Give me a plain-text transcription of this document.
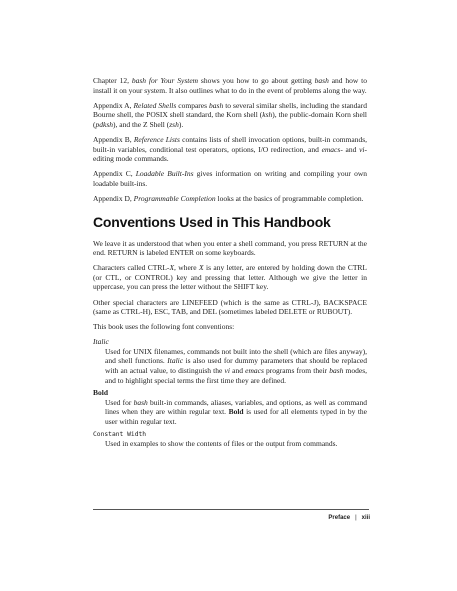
Chapter 12, bash for Your System shows you how to go about getting bash and how to install it on your system. It also outlines what to do in the event of problems along the way.

Appendix A, Related Shells compares bash to several similar shells, including the standard Bourne shell, the POSIX shell standard, the Korn shell (ksh), the public-domain Korn shell (pdksh), and the Z Shell (zsh).

Appendix B, Reference Lists contains lists of shell invocation options, built-in commands, built-in variables, conditional test operators, options, I/O redirection, and emacs- and vi-editing mode commands.

Appendix C, Loadable Built-Ins gives information on writing and compiling your own loadable built-ins.

Appendix D, Programmable Completion looks at the basics of programmable completion.

Conventions Used in This Handbook

We leave it as understood that when you enter a shell command, you press RETURN at the end. RETURN is labeled ENTER on some keyboards.

Characters called CTRL-X, where X is any letter, are entered by holding down the CTRL (or CTL, or CONTROL) key and pressing that letter. Although we give the letter in uppercase, you can press the letter without the SHIFT key.

Other special characters are LINEFEED (which is the same as CTRL-J), BACKSPACE (same as CTRL-H), ESC, TAB, and DEL (sometimes labeled DELETE or RUBOUT).

This book uses the following font conventions:

Italic
Used for UNIX filenames, commands not built into the shell (which are files anyway), and shell functions. Italic is also used for dummy parameters that should be replaced with an actual value, to distinguish the vi and emacs programs from their bash modes, and to highlight special terms the first time they are defined.
Bold
Used for bash built-in commands, aliases, variables, and options, as well as command lines when they are within regular text. Bold is used for all elements typed in by the user within regular text.
Constant Width
Used in examples to show the contents of files or the output from commands.
Preface | xiii
